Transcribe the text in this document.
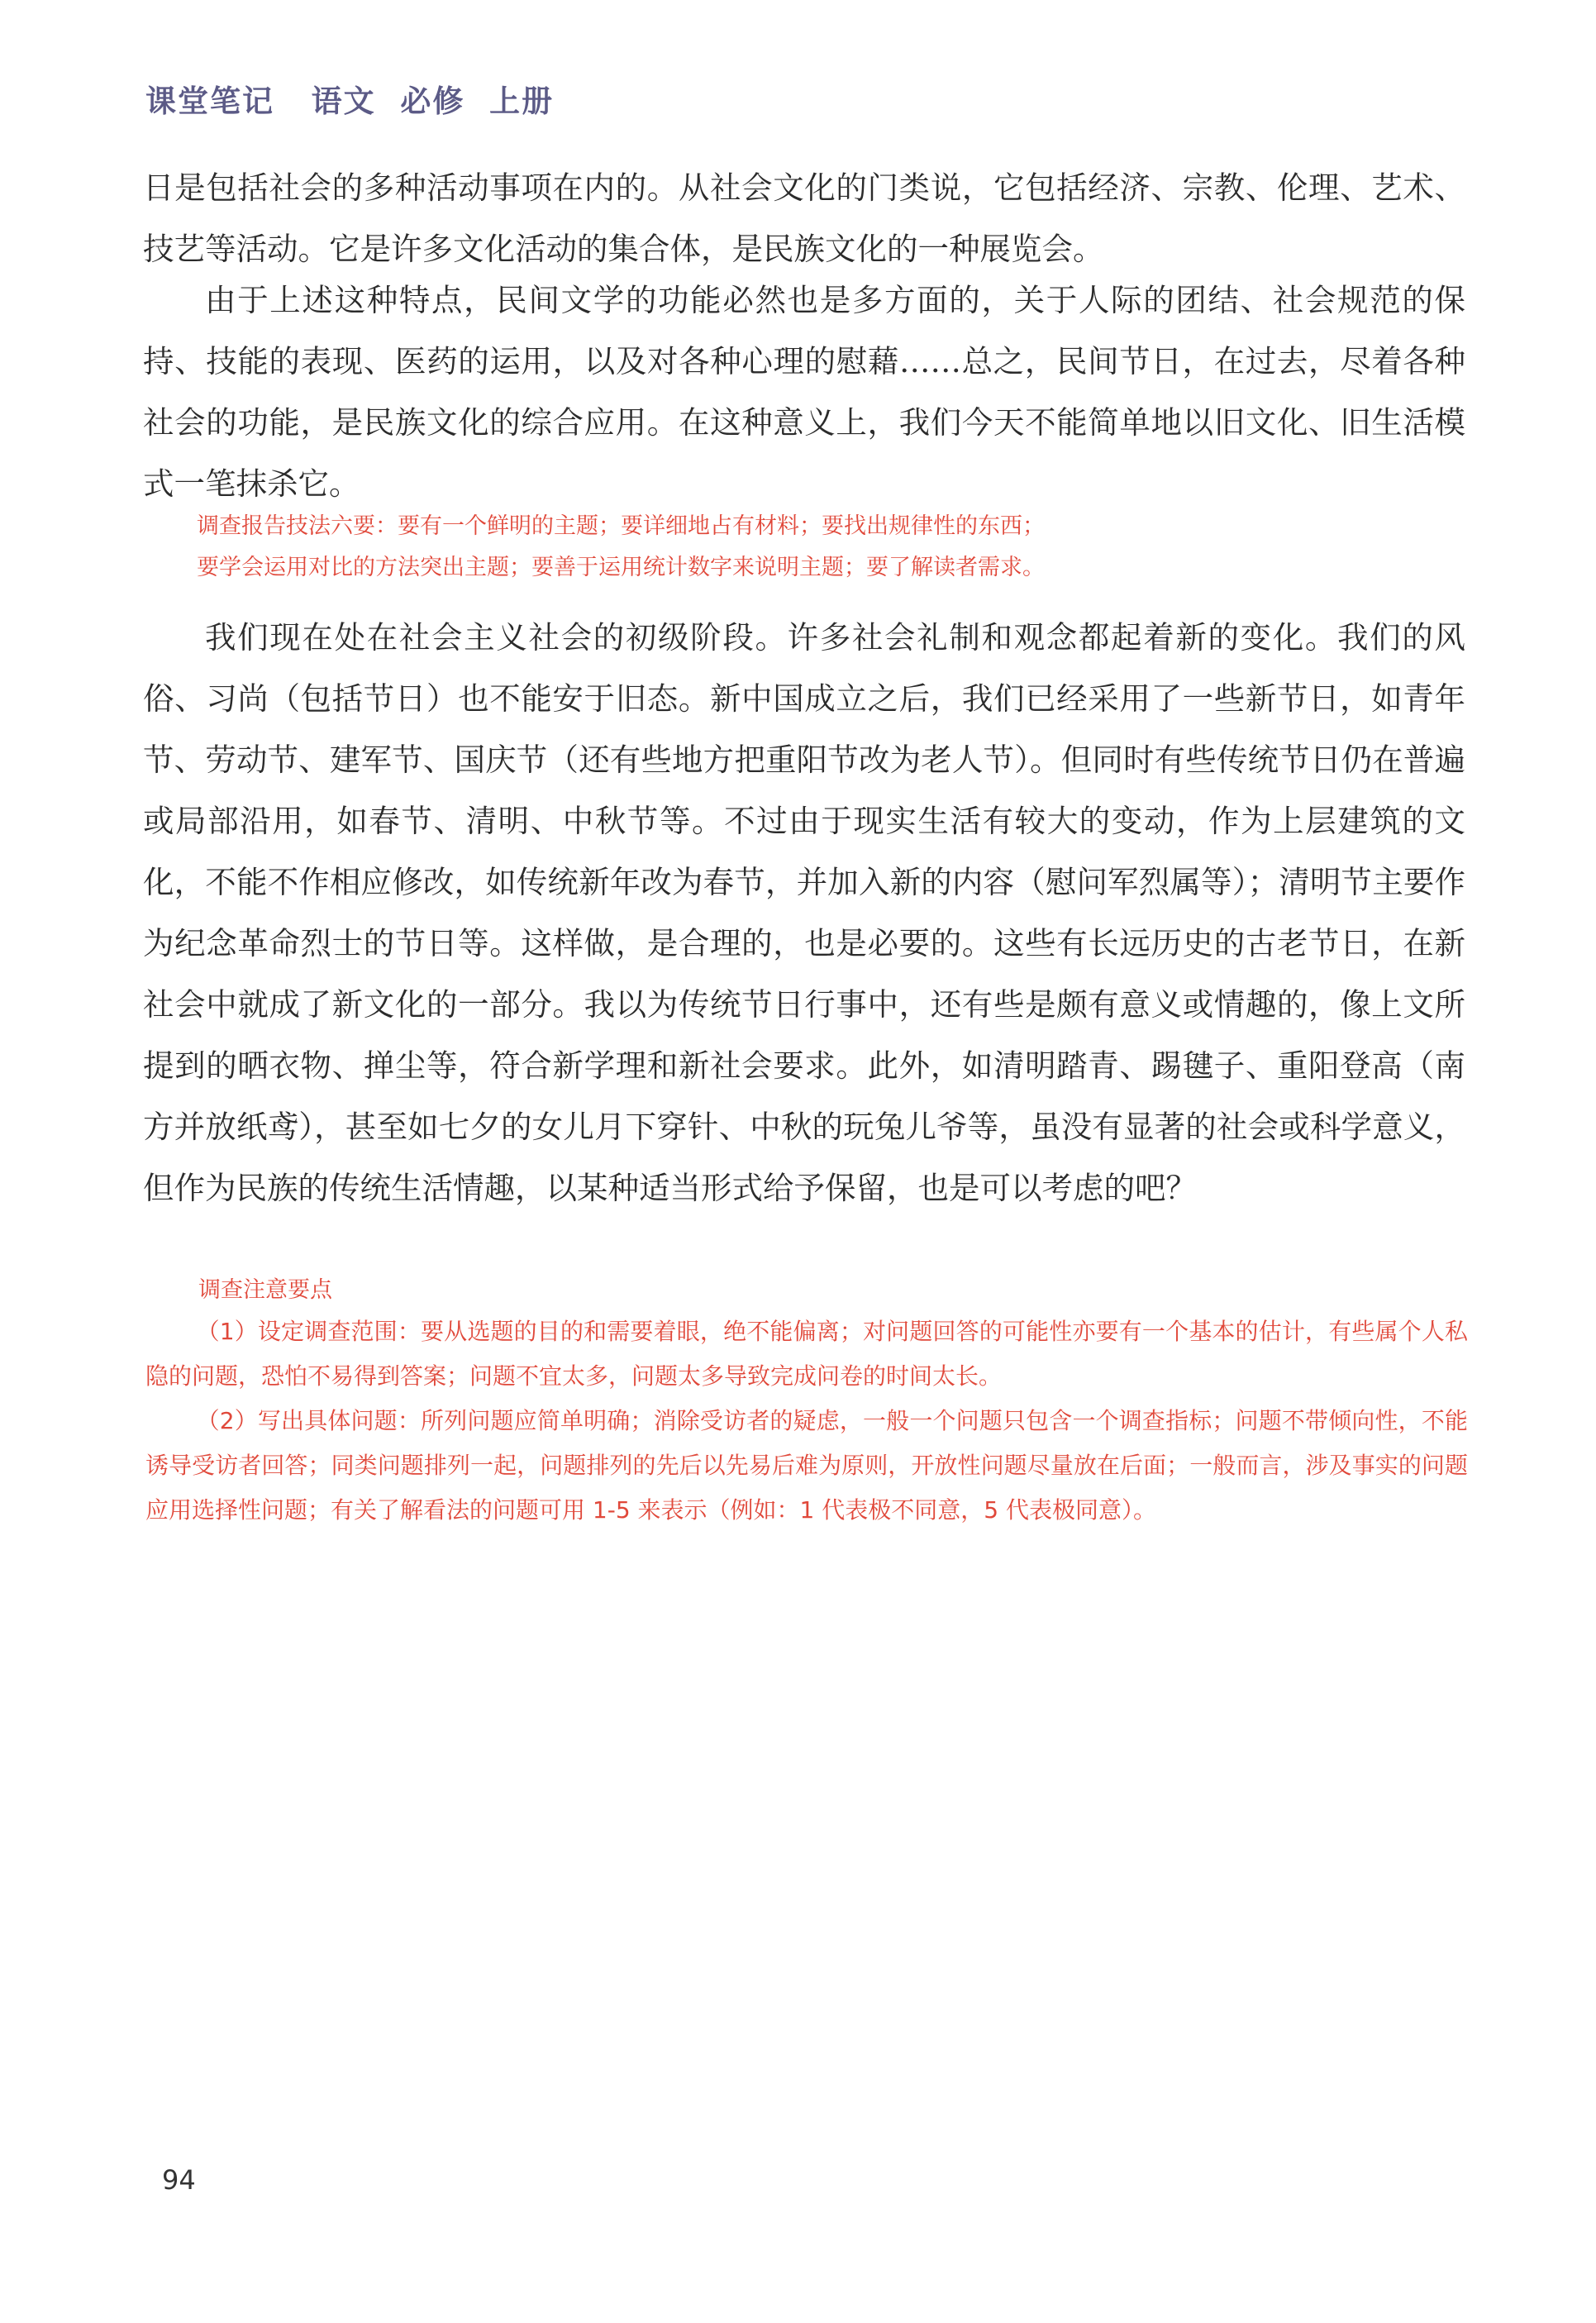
课堂笔记   语文  必修  上册

日是包括社会的多种活动事项在内的。从社会文化的门类说，它包括经济、宗教、伦理、艺术、技艺等活动。它是许多文化活动的集合体，是民族文化的一种展览会。

由于上述这种特点，民间文学的功能必然也是多方面的，关于人际的团结、社会规范的保持、技能的表现、医药的运用，以及对各种心理的慰藉……总之，民间节日，在过去，尽着各种社会的功能，是民族文化的综合应用。在这种意义上，我们今天不能简单地以旧文化、旧生活模式一笔抹杀它。

调查报告技法六要：要有一个鲜明的主题；要详细地占有材料；要找出规律性的东西；

要学会运用对比的方法突出主题；要善于运用统计数字来说明主题；要了解读者需求。

我们现在处在社会主义社会的初级阶段。许多社会礼制和观念都起着新的变化。我们的风俗、习尚（包括节日）也不能安于旧态。新中国成立之后，我们已经采用了一些新节日，如青年节、劳动节、建军节、国庆节（还有些地方把重阳节改为老人节）。但同时有些传统节日仍在普遍或局部沿用，如春节、清明、中秋节等。不过由于现实生活有较大的变动，作为上层建筑的文化，不能不作相应修改，如传统新年改为春节，并加入新的内容（慰问军烈属等）；清明节主要作为纪念革命烈士的节日等。这样做，是合理的，也是必要的。这些有长远历史的古老节日，在新社会中就成了新文化的一部分。我以为传统节日行事中，还有些是颇有意义或情趣的，像上文所提到的晒衣物、掸尘等，符合新学理和新社会要求。此外，如清明踏青、踢毽子、重阳登高（南方并放纸鸢），甚至如七夕的女儿月下穿针、中秋的玩兔儿爷等，虽没有显著的社会或科学意义，但作为民族的传统生活情趣，以某种适当形式给予保留，也是可以考虑的吧？

调查注意要点

（1）设定调查范围：要从选题的目的和需要着眼，绝不能偏离；对问题回答的可能性亦要有一个基本的估计，有些属个人私隐的问题，恐怕不易得到答案；问题不宜太多，问题太多导致完成问卷的时间太长。

（2）写出具体问题：所列问题应简单明确；消除受访者的疑虑，一般一个问题只包含一个调查指标；问题不带倾向性，不能诱导受访者回答；同类问题排列一起，问题排列的先后以先易后难为原则，开放性问题尽量放在后面；一般而言，涉及事实的问题应用选择性问题；有关了解看法的问题可用 1-5 来表示（例如：1 代表极不同意，5 代表极同意）。

94
